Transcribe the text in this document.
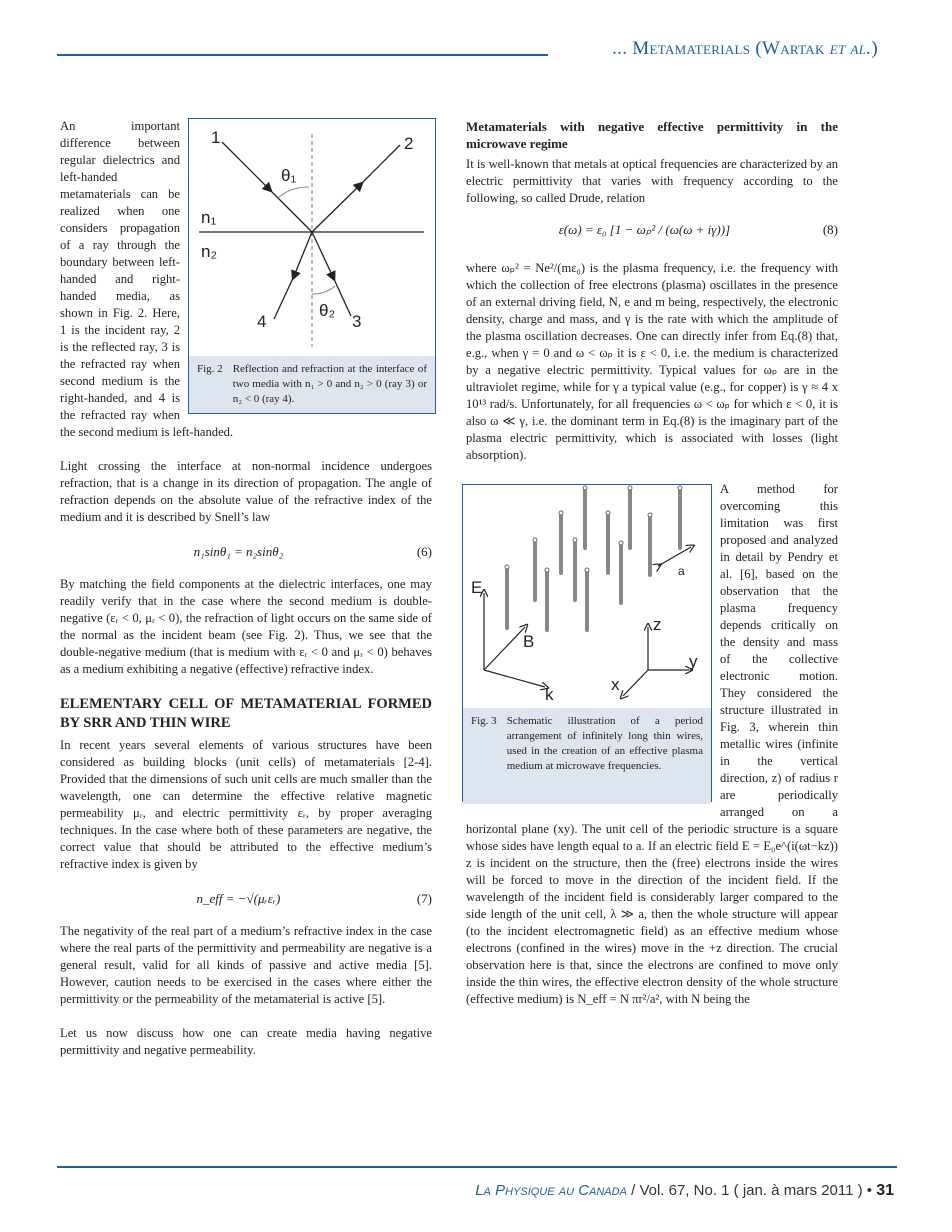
... Metamaterials (Wartak et al.)
1	2
3
4
n₁
n₂
θ₁
θ₂
Fig. 2 Reflection and refraction at the interface of two media with n₁ > 0 and n₂ > 0 (ray 3) or n₂ < 0 (ray 4).

An important difference between regular dielectrics and left-handed metamaterials can be realized when one considers propagation of a ray through the boundary between left-handed and right-handed media, as shown in Fig. 2. Here, 1 is the incident ray, 2 is the reflected ray, 3 is the refracted ray when second medium is the right-handed, and 4 is the refracted ray when the second medium is left-handed.

Light crossing the interface at non-normal incidence undergoes refraction, that is a change in its direction of propagation. The angle of refraction depends on the absolute value of the refractive index of the medium and it is described by Snell’s law

n₁sinθ₁ = n₂sinθ₂	(6)

By matching the field components at the dielectric interfaces, one may readily verify that in the case where the second medium is double-negative (εᵣ < 0, μᵣ < 0), the refraction of light occurs on the same side of the normal as the incident beam (see Fig. 2). Thus, we see that the double-negative medium (that is medium with εᵣ < 0 and μᵣ < 0) behaves as a medium exhibiting a negative (effective) refractive index.

ELEMENTARY CELL OF METAMATERIAL FORMED BY SRR AND THIN WIRE

In recent years several elements of various structures have been considered as building blocks (unit cells) of metamaterials [2-4]. Provided that the dimensions of such unit cells are much smaller than the wavelength, one can determine the effective relative magnetic permeability μᵣ, and electric permittivity εᵣ, by proper averaging techniques. In the case where both of these parameters are negative, the correct value that should be attributed to the effective medium’s refractive index is given by

n_eff = −√(μᵣεᵣ)	(7)

The negativity of the real part of a medium’s refractive index in the case where the real parts of the permittivity and permeability are negative is a general result, valid for all kinds of passive and active media [5]. However, caution needs to be exercised in the cases where either the permittivity or the permeability of the metamaterial is active [5].

Let us now discuss how one can create media having negative permittivity and negative permeability.

Metamaterials with negative effective permittivity in the microwave regime

It is well-known that metals at optical frequencies are characterized by an electric permittivity that varies with frequency according to the following, so called Drude, relation

ε(ω) = ε₀ [1 − ωₚ² / (ω(ω + iγ))]	(8)

where ωₚ² = Ne²/(mε₀) is the plasma frequency, i.e. the frequency with which the collection of free electrons (plasma) oscillates in the presence of an external driving field, N, e and m being, respectively, the electronic density, charge and mass, and γ is the rate with which the amplitude of the plasma oscillation decreases. One can directly infer from Eq.(8) that, e.g., when γ = 0 and ω < ωₚ it is ε < 0, i.e. the medium is characterized by a negative electric permittivity. Typical values for ωₚ are in the ultraviolet regime, while for γ a typical value (e.g., for copper) is γ ≈ 4 x 10¹³ rad/s. Unfortunately, for all frequencies ω < ωₚ for which ε < 0, it is also ω ≪ γ, i.e. the dominant term in Eq.(8) is the imaginary part of the plasma electric permittivity, which is associated with losses (light absorption).

E
B
k
z
y
x
a
Fig. 3 Schematic illustration of a period arrangement of infinitely long thin wires, used in the creation of an effective plasma medium at microwave frequencies.

A method for overcoming this limitation was first proposed and analyzed in detail by Pendry et al. [6], based on the observation that the plasma frequency depends critically on the density and mass of the collective electronic motion. They considered the structure illustrated in Fig. 3, wherein thin metallic wires (infinite in the vertical direction, z) of radius r are periodically arranged on a horizontal plane (xy). The unit cell of the periodic structure is a square whose sides have length equal to a. If an electric field E = E₀e^(i(ωt−kz)) z is incident on the structure, then the (free) electrons inside the wires will be forced to move in the direction of the incident field. If the wavelength of the incident field is considerably larger compared to the side length of the unit cell, λ ≫ a, then the whole structure will appear (to the incident electromagnetic field) as an effective medium whose electrons (confined in the wires) move in the +z direction. The crucial observation here is that, since the electrons are confined to move only inside the thin wires, the effective electron density of the whole structure (effective medium) is N_eff = N πr²/a², with N being the

La Physique au Canada / Vol. 67, No. 1 ( jan. à mars 2011 ) • 31
